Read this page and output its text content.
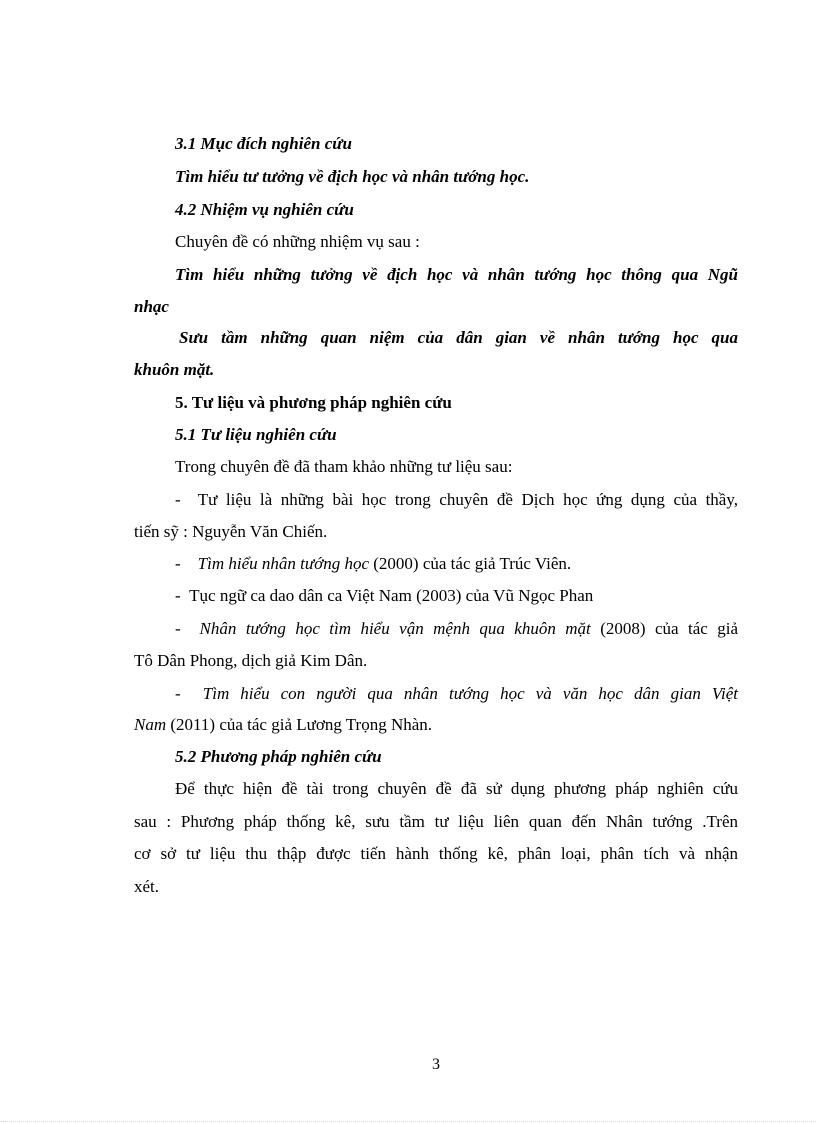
3.1 Mục đích nghiên cứu
Tìm hiểu tư tưởng về địch học và nhân tướng học.
4.2 Nhiệm vụ nghiên cứu
Chuyên đề có những nhiệm vụ sau :
Tìm hiểu những tưởng về địch học và nhân tướng học thông qua Ngũ
nhạc
Sưu tầm những quan niệm của dân gian về nhân tướng học qua
khuôn mặt.
5. Tư liệu và phương pháp nghiên cứu
5.1 Tư liệu nghiên cứu
Trong chuyên đề đã tham khảo những tư liệu sau:
- Tư liệu là những bài học trong chuyên đề Dịch học ứng dụng của thầy,
tiến sỹ : Nguyễn Văn Chiến.
- Tìm hiểu nhân tướng học (2000) của tác giả Trúc Viên.
- Tục ngữ ca dao dân ca Việt Nam (2003) của Vũ Ngọc Phan
- Nhân tướng học tìm hiểu vận mệnh qua khuôn mặt (2008) của tác giả
Tô Dân Phong, dịch giả Kim Dân.
- Tìm hiểu con người qua nhân tướng học và văn học dân gian Việt
Nam (2011) của tác giả Lương Trọng Nhàn.
5.2 Phương pháp nghiên cứu
Để thực hiện đề tài trong chuyên đề đã sử dụng phương pháp nghiên cứu
sau : Phương pháp thống kê, sưu tầm tư liệu liên quan đến Nhân tướng .Trên
cơ sở tư liệu thu thập được tiến hành thống kê, phân loại, phân tích và nhận
xét.
3
